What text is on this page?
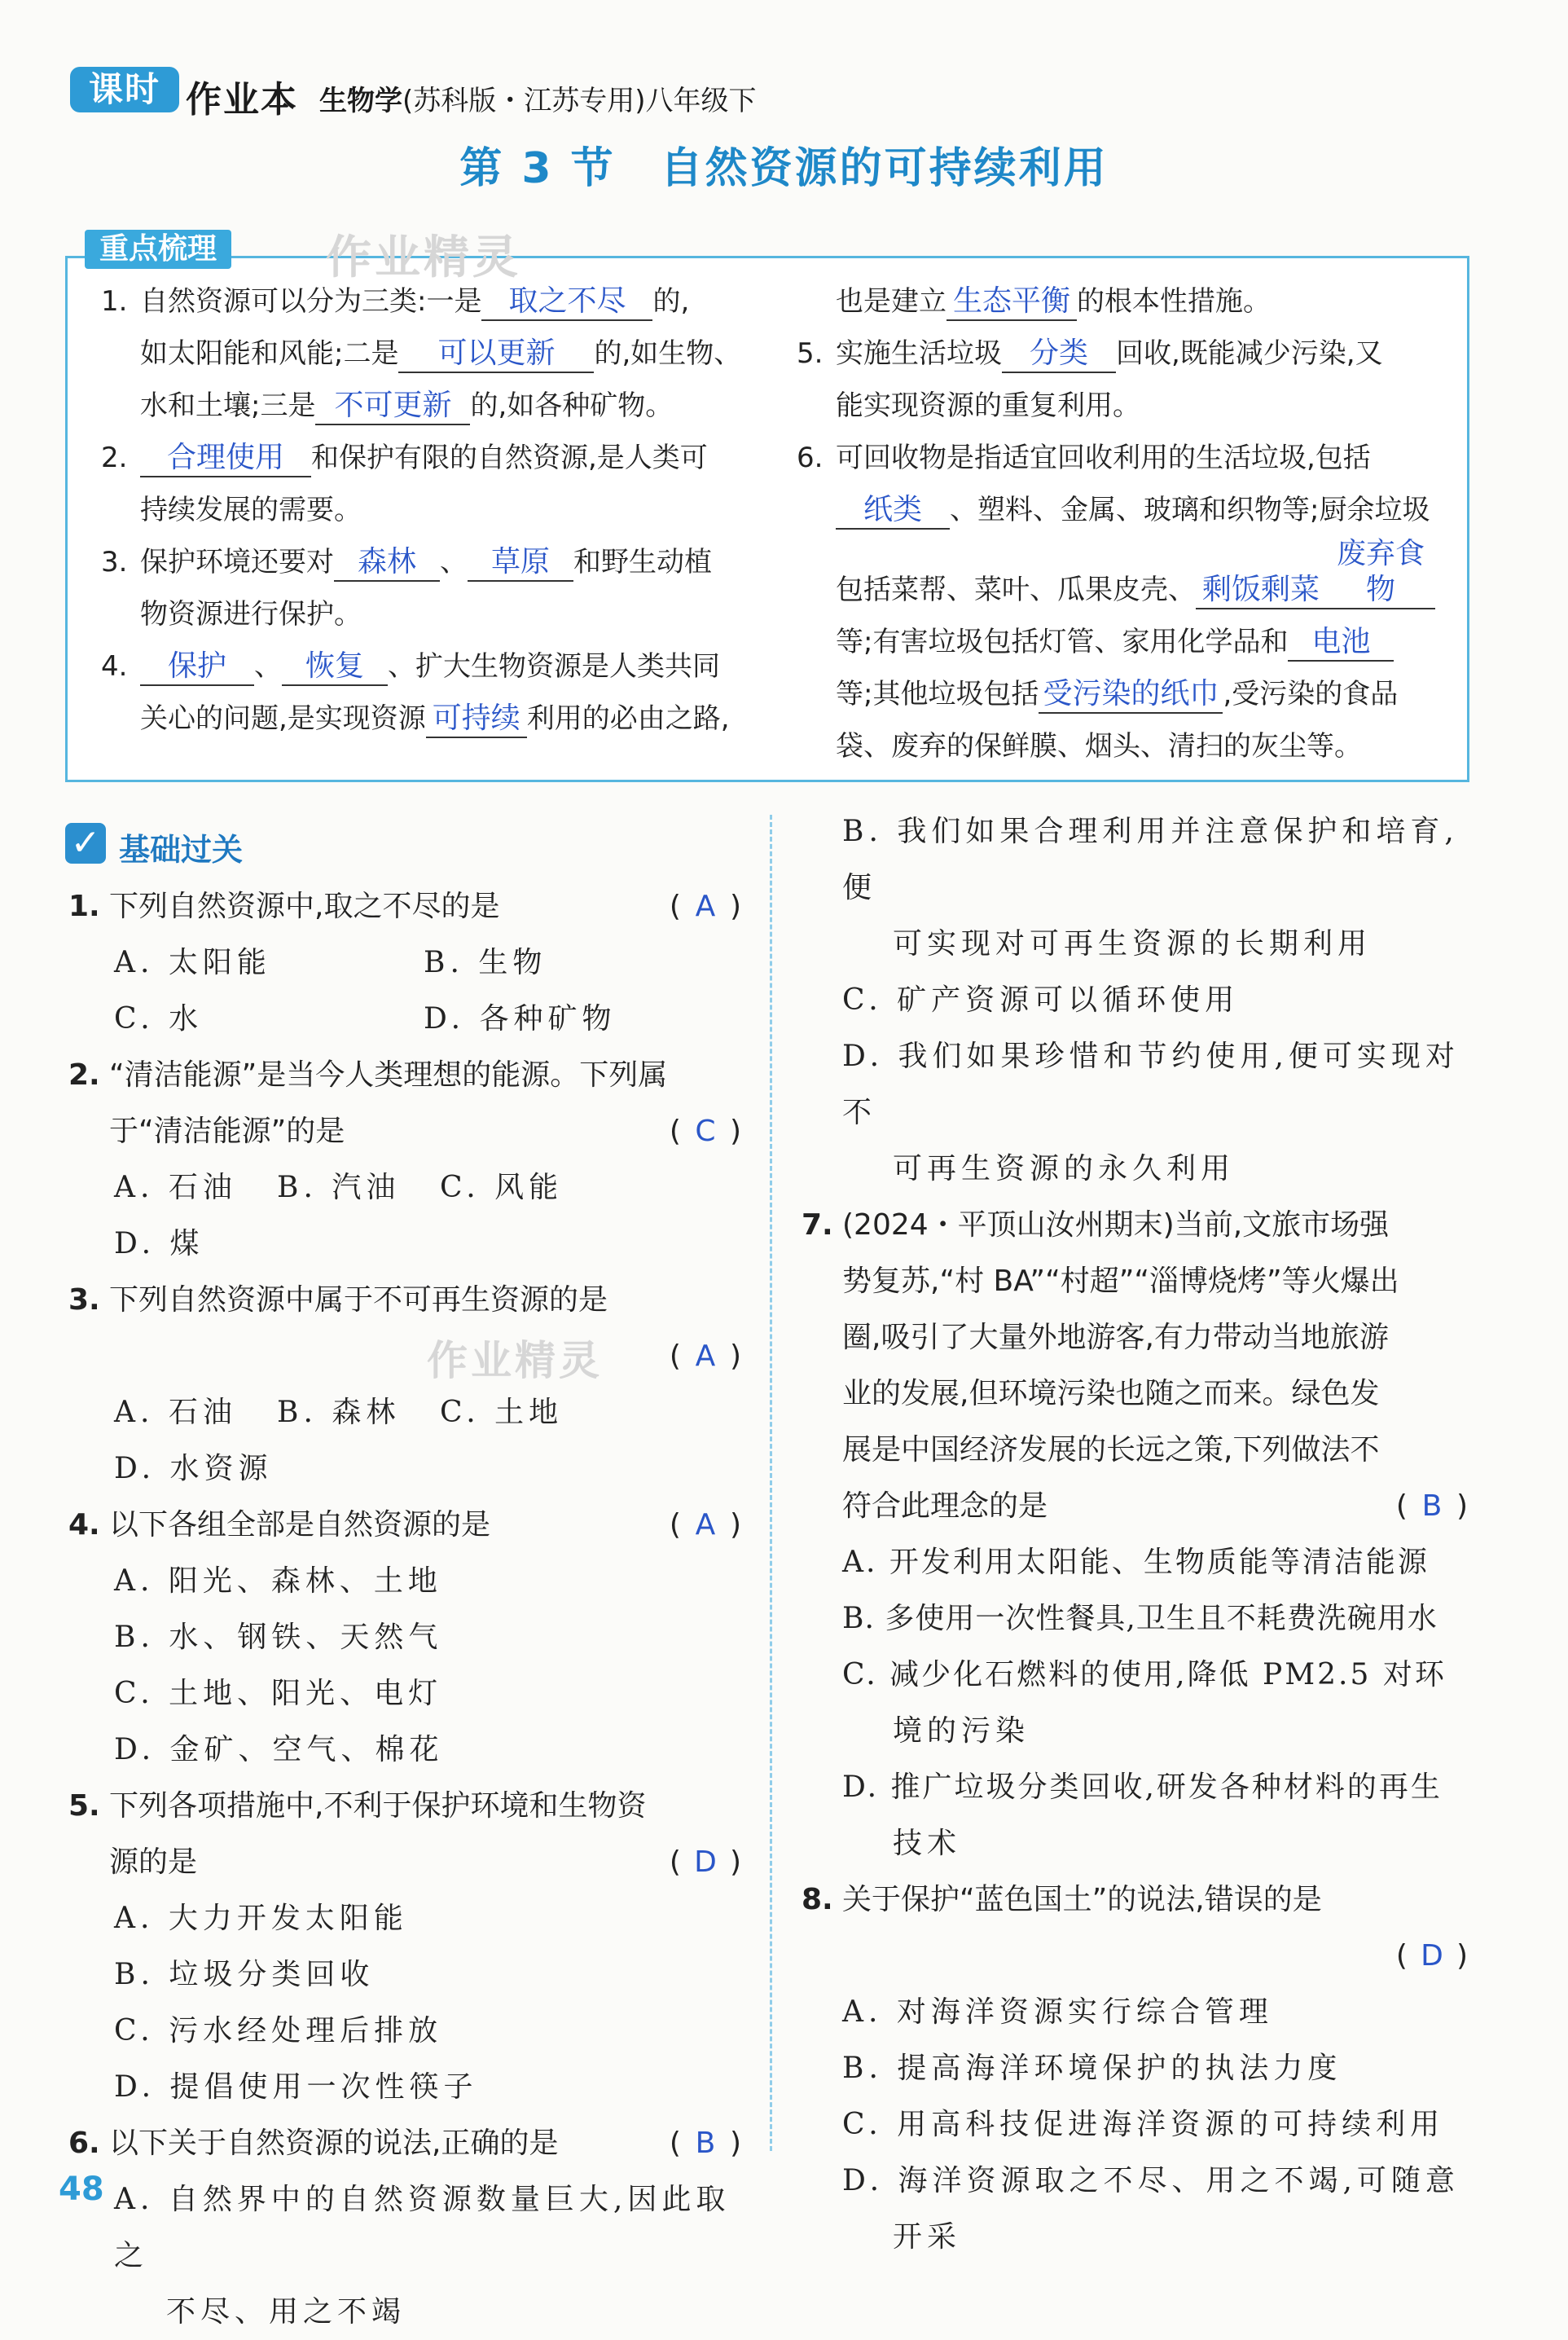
课时 作业本 生物学(苏科版・江苏专用)八年级下
第 3 节　自然资源的可持续利用
重点梳理	作业精灵

1. 自然资源可以分为三类:一是 取之不尽 的,

如太阳能和风能;二是 可以更新 的,如生物、

水和土壤;三是 不可更新 的,如各种矿物。

2. 合理使用 和保护有限的自然资源,是人类可

持续发展的需要。

3. 保护环境还要对 森林 、 草原 和野生动植

物资源进行保护。

4. 保护 、 恢复 、扩大生物资源是人类共同

关心的问题,是实现资源 可持续 利用的必由之路,

也是建立 生态平衡 的根本性措施。

5. 实施生活垃圾 分类 回收,既能减少污染,又

能实现资源的重复利用。

6. 可回收物是指适宜回收利用的生活垃圾,包括

纸类 、塑料、金属、玻璃和织物等;厨余垃圾

包括菜帮、菜叶、瓜果皮壳、 剩饭剩菜废弃食物

等;有害垃圾包括灯管、家用化学品和 电池

等;其他垃圾包括 受污染的纸巾 ,受污染的食品

袋、废弃的保鲜膜、烟头、清扫的灰尘等。

✓ 基础过关

1. 下列自然资源中,取之不尽的是	( A )

A. 太阳能	B. 生物

C. 水	D. 各种矿物

2. “清洁能源”是当今人类理想的能源。下列属

于“清洁能源”的是	( C )

A. 石油 B. 汽油 C. 风能D. 煤

3. 下列自然资源中属于不可再生资源的是

作业精灵 ( A )

A. 石油 B. 森林 C. 土地D. 水资源

4. 以下各组全部是自然资源的是	( A )

A. 阳光、森林、土地

B. 水、钢铁、天然气

C. 土地、阳光、电灯

D. 金矿、空气、棉花

5. 下列各项措施中,不利于保护环境和生物资

源的是	( D )

A. 大力开发太阳能

B. 垃圾分类回收

C. 污水经处理后排放

D. 提倡使用一次性筷子

6. 以下关于自然资源的说法,正确的是	( B )

A. 自然界中的自然资源数量巨大,因此取之

不尽、用之不竭

B. 我们如果合理利用并注意保护和培育,便

可实现对可再生资源的长期利用

C. 矿产资源可以循环使用

D. 我们如果珍惜和节约使用,便可实现对不

可再生资源的永久利用

7. (2024・平顶山汝州期末)当前,文旅市场强

势复苏,“村 BA”“村超”“淄博烧烤”等火爆出

圈,吸引了大量外地游客,有力带动当地旅游

业的发展,但环境污染也随之而来。绿色发

展是中国经济发展的长远之策,下列做法不

符合此理念的是	( B )

A. 开发利用太阳能、生物质能等清洁能源

B. 多使用一次性餐具,卫生且不耗费洗碗用水

C. 减少化石燃料的使用,降低 PM2.5 对环

境的污染

D. 推广垃圾分类回收,研发各种材料的再生

技术

8. 关于保护“蓝色国土”的说法,错误的是

( D )

A. 对海洋资源实行综合管理

B. 提高海洋环境保护的执法力度

C. 用高科技促进海洋资源的可持续利用

D. 海洋资源取之不尽、用之不竭,可随意

开采

48
